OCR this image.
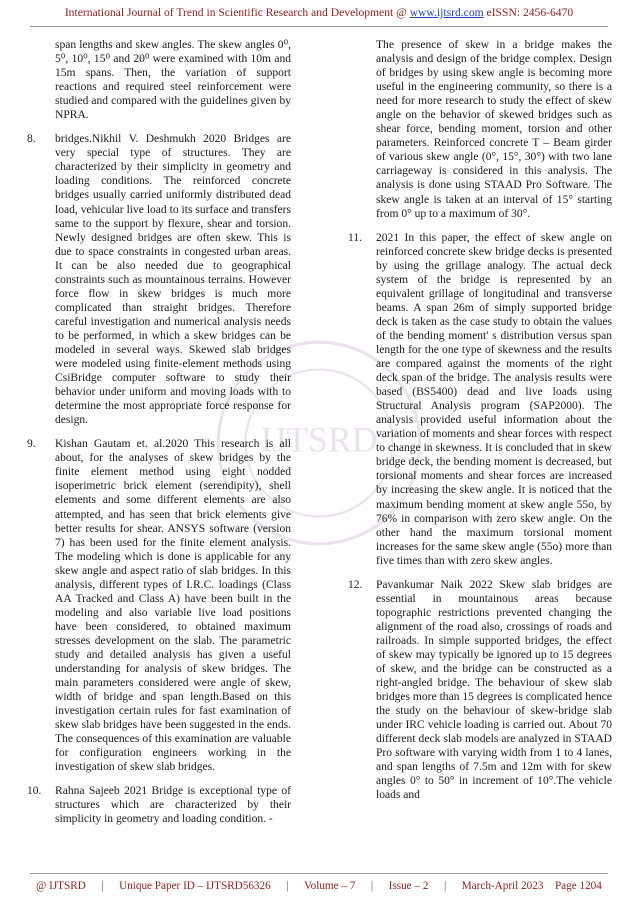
International Journal of Trend in Scientific Research and Development @ www.ijtsrd.com eISSN: 2456-6470
IJTSRD

span lengths and skew angles. The skew angles 0⁰, 5⁰, 10⁰, 15⁰ and 20⁰ were examined with 10m and 15m spans. Then, the variation of support reactions and required steel reinforcement were studied and compared with the guidelines given by NPRA.

8. bridges.Nikhil V. Deshmukh 2020 Bridges are very special type of structures. They are characterized by their simplicity in geometry and loading conditions. The reinforced concrete bridges usually carried uniformly distributed dead load, vehicular live load to its surface and transfers same to the support by flexure, shear and torsion. Newly designed bridges are often skew. This is due to space constraints in congested urban areas. It can be also needed due to geographical constraints such as mountainous terrains. However force flow in skew bridges is much more complicated than straight bridges. Therefore careful investigation and numerical analysis needs to be performed, in which a skew bridges can be modeled in several ways. Skewed slab bridges were modeled using finite-element methods using CsiBridge computer software to study their behavior under uniform and moving loads with to determine the most appropriate force response for design.

9. Kishan Gautam et. al.2020 This research is all about, for the analyses of skew bridges by the finite element method using eight nodded isoperimetric brick element (serendipity), shell elements and some different elements are also attempted, and has seen that brick elements give better results for shear. ANSYS software (version 7) has been used for the finite element analysis. The modeling which is done is applicable for any skew angle and aspect ratio of slab bridges. In this analysis, different types of I.R.C. loadings (Class AA Tracked and Class A) have been built in the modeling and also variable live load positions have been considered, to obtained maximum stresses development on the slab. The parametric study and detailed analysis has given a useful understanding for analysis of skew bridges. The main parameters considered were angle of skew, width of bridge and span length.Based on this investigation certain rules for fast examination of skew slab bridges have been suggested in the ends. The consequences of this examination are valuable for configuration engineers working in the investigation of skew slab bridges.

10. Rahna Sajeeb 2021 Bridge is exceptional type of structures which are characterized by their simplicity in geometry and loading condition. -

The presence of skew in a bridge makes the analysis and design of the bridge complex. Design of bridges by using skew angle is becoming more useful in the engineering community, so there is a need for more research to study the effect of skew angle on the behavior of skewed bridges such as shear force, bending moment, torsion and other parameters. Reinforced concrete T – Beam girder of various skew angle (0°, 15°, 30°) with two lane carriageway is considered in this analysis. The analysis is done using STAAD Pro Software. The skew angle is taken at an interval of 15° starting from 0° up to a maximum of 30°.

11. 2021 In this paper, the effect of skew angle on reinforced concrete skew bridge decks is presented by using the grillage analogy. The actual deck system of the bridge is represented by an equivalent grillage of longitudinal and transverse beams. A span 26m of simply supported bridge deck is taken as the case study to obtain the values of the bending moment' s distribution versus span length for the one type of skewness and the results are compared against the moments of the right deck span of the bridge. The analysis results were based (BS5400) dead and live loads using Structural Analysis program (SAP2000). The analysis provided useful information about the variation of moments and shear forces with respect to change in skewness. It is concluded that in skew bridge deck, the bending moment is decreased, but torsional moments and shear forces are increased by increasing the skew angle. It is noticed that the maximum bending moment at skew angle 55o, by 76% in comparison with zero skew angle. On the other hand the maximum torsional moment increases for the same skew angle (55o) more than five times than with zero skew angles.

12. Pavankumar Naik 2022 Skew slab bridges are essential in mountainous areas because topographic restrictions prevented changing the alignment of the road also, crossings of roads and railroads. In simple supported bridges, the effect of skew may typically be ignored up to 15 degrees of skew, and the bridge can be constructed as a right-angled bridge. The behaviour of skew slab bridges more than 15 degrees is complicated hence the study on the behaviour of skew-bridge slab under IRC vehicle loading is carried out. About 70 different deck slab models are analyzed in STAAD Pro software with varying width from 1 to 4 lanes, and span lengths of 7.5m and 12m with for skew angles 0° to 50° in increment of 10°.The vehicle loads and

@ IJTSRD	|	Unique Paper ID – IJTSRD56326	|	Volume – 7	|	Issue – 2	|	March-April 2023 Page 1204
